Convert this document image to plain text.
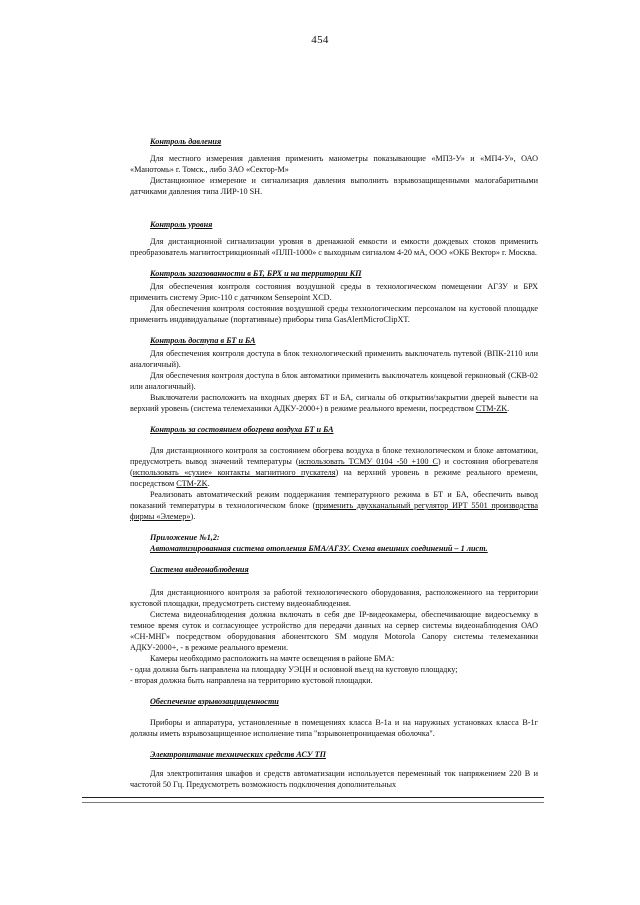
454
Контроль давления

Для местного измерения давления применить манометры показывающие «МП3-У» и «МП4-У», ОАО «Манотомь» г. Томск., либо ЗАО «Сектор-М»

Дистанционное измерение и сигнализация давления выполнить взрывозащищенными малогабаритными датчиками давления типа ЛИР-10 SH.

Контроль уровня

Для дистанционной сигнализации уровня в дренажной емкости и емкости дождевых стоков применить преобразователь магнитострикционный «ПЛП-1000» с выходным сигналом 4-20 мА, ООО «ОКБ Вектор» г. Москва.

Контроль загазованности в БТ, БРХ и на территории КП

Для обеспечения контроля состояния воздушной среды в технологическом помещении АГЗУ и БРХ применить систему Эрис-110 с датчиком Sensepoint XCD.

Для обеспечения контроля состояния воздушной среды технологическим персоналом на кустовой площадке применить индивидуальные (портативные) приборы типа GasAlertMicroClipXT.

Контроль доступа в БТ и БА

Для обеспечения контроля доступа в блок технологический применить выключатель путевой (ВПК-2110 или аналогичный).

Для обеспечения контроля доступа в блок автоматики применить выключатель концевой герконовый (СКВ-02 или аналогичный).

Выключатели расположить на входных дверях БТ и БА, сигналы об открытии/закрытии дверей вывести на верхний уровень (система телемеханики АДКУ-2000+) в режиме реального времени, посредством СТМ-ZK.

Контроль за состоянием обогрева воздуха БТ и БА

Для дистанционного контроля за состоянием обогрева воздуха в блоке технологическом и блоке автоматики, предусмотреть вывод значений температуры (использовать ТСМУ 0104 -50 +100 С) и состояния обогревателя (использовать «сухие» контакты магнитного пускателя) на верхний уровень в режиме реального времени, посредством СТМ-ZK.

Реализовать автоматический режим поддержания температурного режима в БТ и БА, обеспечить вывод показаний температуры в технологическом блоке (применить двухканальный регулятор ИРТ 5501 производства фирмы «Элемер»).

Приложение №1,2:
Автоматизированная система отопления БМА/АГЗУ. Схема внешних соединений – 1 лист.
Система видеонаблюдения

Для дистанционного контроля за работой технологического оборудования, расположенного на территории кустовой площадки, предусмотреть систему видеонаблюдения.

Система видеонаблюдения должна включать в себя две IP-видеокамеры, обеспечивающие видеосъемку в темное время суток и согласующее устройство для передачи данных на сервер системы видеонаблюдения ОАО «СН-МНГ» посредством оборудования абонентского SM модуля Motorola Canopy системы телемеханики АДКУ-2000+, - в режиме реального времени.

Камеры необходимо расположить на мачте освещения в районе БМА:

- одна должна быть направлена на площадку УЭЦН и основной въезд на кустовую площадку;

- вторая должна быть направлена на территорию кустовой площадки.

Обеспечение взрывозащищенности

Приборы и аппаратура, установленные в помещениях класса В-1а и на наружных установках класса В-1г должны иметь взрывозащищенное исполнение типа "взрывонепроницаемая оболочка".

Электропитание технических средств АСУ ТП

Для электропитания шкафов и средств автоматизации используется переменный ток напряжением 220 В и частотой 50 Гц. Предусмотреть возможность подключения дополнительных
